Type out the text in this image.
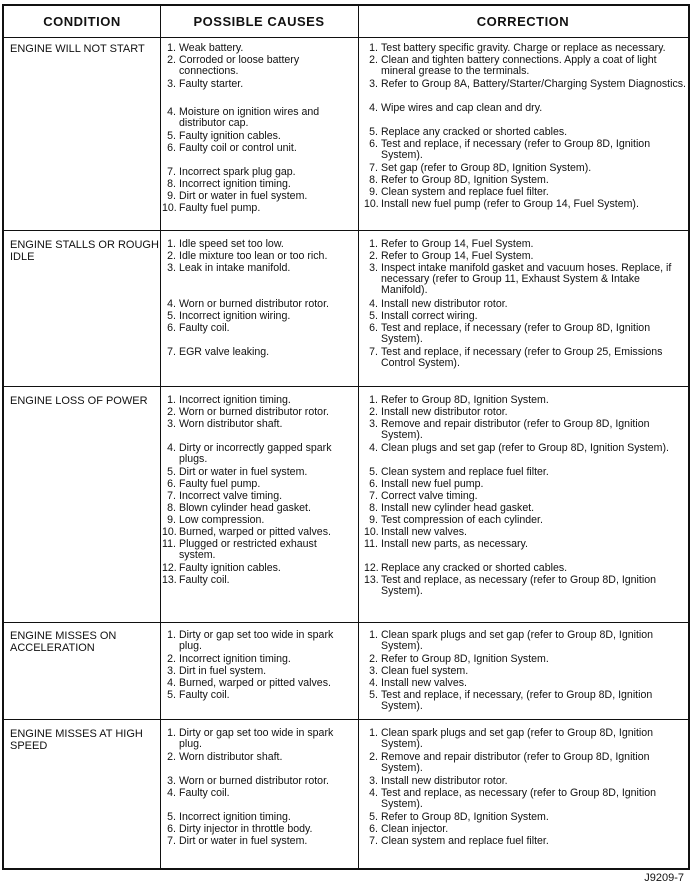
CONDITION	POSSIBLE CAUSES	CORRECTION
1. Weak battery.
2. Corroded or loose battery connections.
3. Faulty starter.
4. Moisture on ignition wires and distributor cap.
5. Faulty ignition cables.
6. Faulty coil or control unit.
7. Incorrect spark plug gap.
8. Incorrect ignition timing.
9. Dirt or water in fuel system.
10. Faulty fuel pump.
1. Idle speed set too low.
2. Idle mixture too lean or too rich.
3. Leak in intake manifold.
4. Worn or burned distributor rotor.
5. Incorrect ignition wiring.
6. Faulty coil.
7. EGR valve leaking.
1. Incorrect ignition timing.
2. Worn or burned distributor rotor.
3. Worn distributor shaft.
4. Dirty or incorrectly gapped spark plugs.
5. Dirt or water in fuel system.
6. Faulty fuel pump.
7. Incorrect valve timing.
8. Blown cylinder head gasket.
9. Low compression.
10. Burned, warped or pitted valves.
11. Plugged or restricted exhaust system.
12. Faulty ignition cables.
13. Faulty coil.
1. Dirty or gap set too wide in spark plug.
2. Incorrect ignition timing.
3. Dirt in fuel system.
4. Burned, warped or pitted valves.
5. Faulty coil.
1. Dirty or gap set too wide in spark plug.
2. Worn distributor shaft.
3. Worn or burned distributor rotor.
4. Faulty coil.
5. Incorrect ignition timing.
6. Dirty injector in throttle body.
7. Dirt or water in fuel system.
1. Test battery specific gravity. Charge or replace as necessary.
2. Clean and tighten battery connections. Apply a coat of light mineral grease to the terminals.
3. Refer to Group 8A, Battery/Starter/Charging System Diagnostics.
4. Wipe wires and cap clean and dry.
5. Replace any cracked or shorted cables.
6. Test and replace, if necessary (refer to Group 8D, Ignition System).
7. Set gap (refer to Group 8D, Ignition System).
8. Refer to Group 8D, Ignition System.
9. Clean system and replace fuel filter.
10. Install new fuel pump (refer to Group 14, Fuel System).
1. Refer to Group 14, Fuel System.
2. Refer to Group 14, Fuel System.
3. Inspect intake manifold gasket and vacuum hoses. Replace, if necessary (refer to Group 11, Exhaust System & Intake Manifold).
4. Install new distributor rotor.
5. Install correct wiring.
6. Test and replace, if necessary (refer to Group 8D, Ignition System).
7. Test and replace, if necessary (refer to Group 25, Emissions Control System).
1. Refer to Group 8D, Ignition System.
2. Install new distributor rotor.
3. Remove and repair distributor (refer to Group 8D, Ignition System).
4. Clean plugs and set gap (refer to Group 8D, Ignition System).
5. Clean system and replace fuel filter.
6. Install new fuel pump.
7. Correct valve timing.
8. Install new cylinder head gasket.
9. Test compression of each cylinder.
10. Install new valves.
11. Install new parts, as necessary.
12. Replace any cracked or shorted cables.
13. Test and replace, as necessary (refer to Group 8D, Ignition System).
1. Clean spark plugs and set gap (refer to Group 8D, Ignition System).
2. Refer to Group 8D, Ignition System.
3. Clean fuel system.
4. Install new valves.
5. Test and replace, if necessary, (refer to Group 8D, Ignition System).
1. Clean spark plugs and set gap (refer to Group 8D, Ignition System).
2. Remove and repair distributor (refer to Group 8D, Ignition System).
3. Install new distributor rotor.
4. Test and replace, as necessary (refer to Group 8D, Ignition System).
5. Refer to Group 8D, Ignition System.
6. Clean injector.
7. Clean system and replace fuel filter.
ENGINE WILL NOT START
ENGINE STALLS OR ROUGH IDLE
ENGINE LOSS OF POWER
ENGINE MISSES ON ACCELERATION
ENGINE MISSES AT HIGH SPEED
J9209-7
